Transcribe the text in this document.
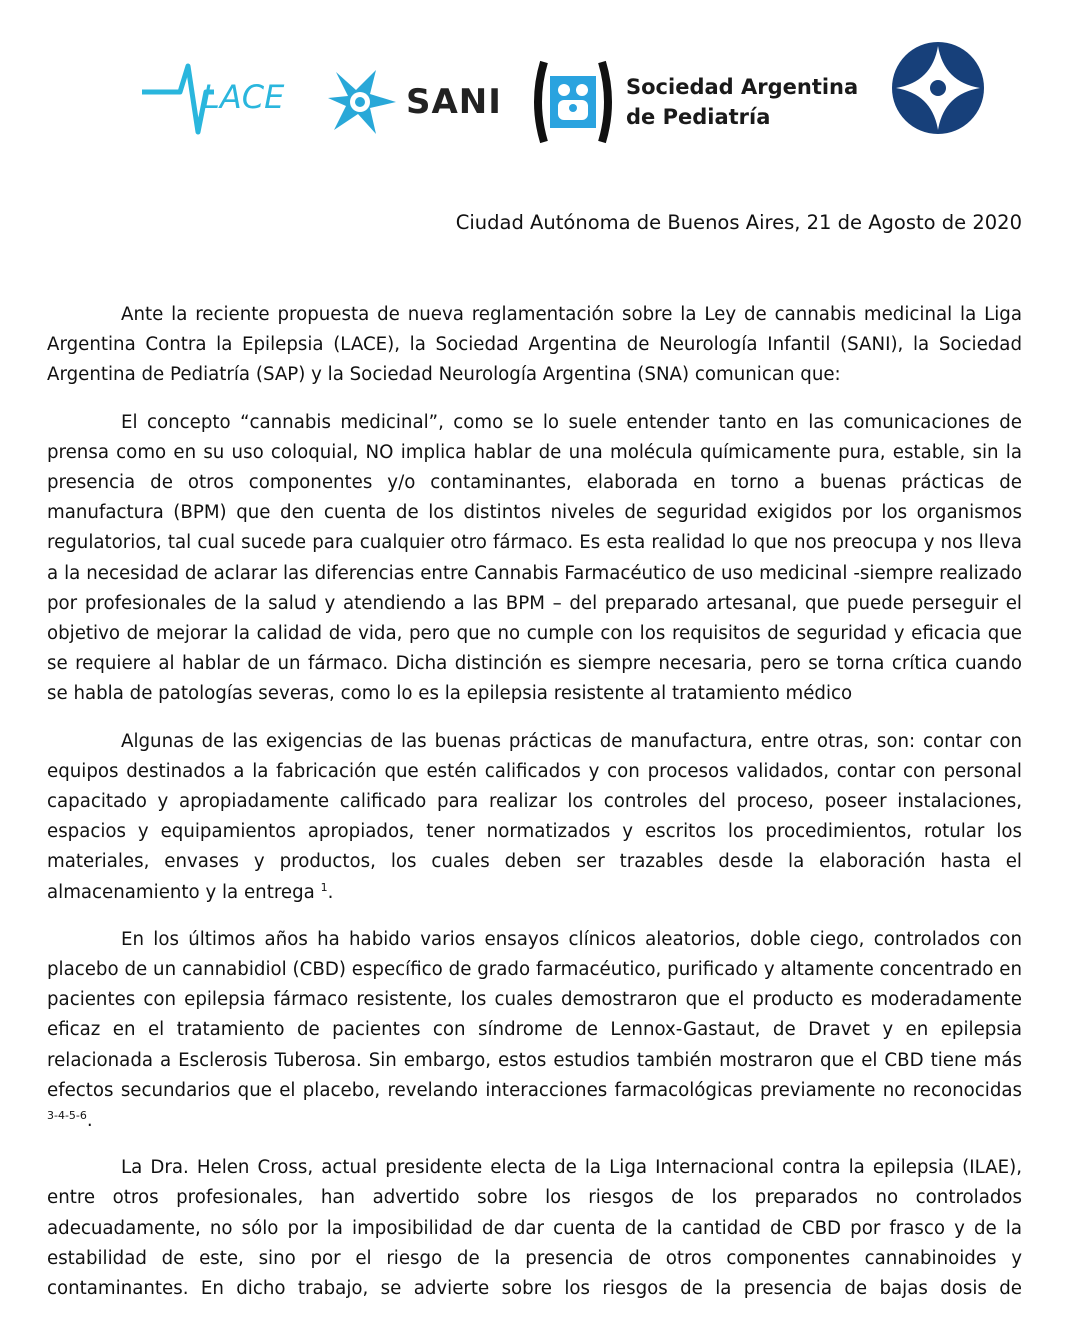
LACE	SANI	Sociedad Argentina
de Pediatría
Ciudad Autónoma de Buenos Aires, 21 de Agosto de 2020

Ante la reciente propuesta de nueva reglamentación sobre la Ley de cannabis medicinal la Liga Argentina Contra la Epilepsia (LACE), la Sociedad Argentina de Neurología Infantil (SANI), la Sociedad Argentina de Pediatría (SAP) y la Sociedad Neurología Argentina (SNA) comunican que:

El concepto “cannabis medicinal”, como se lo suele entender tanto en las comunicaciones de prensa como en su uso coloquial, NO implica hablar de una molécula químicamente pura, estable, sin la presencia de otros componentes y/o contaminantes, elaborada en torno a buenas prácticas de manufactura (BPM) que den cuenta de los distintos niveles de seguridad exigidos por los organismos regulatorios, tal cual sucede para cualquier otro fármaco. Es esta realidad lo que nos preocupa y nos lleva a la necesidad de aclarar las diferencias entre Cannabis Farmacéutico de uso medicinal -siempre realizado por profesionales de la salud y atendiendo a las BPM – del preparado artesanal, que puede perseguir el objetivo de mejorar la calidad de vida, pero que no cumple con los requisitos de seguridad y eficacia que se requiere al hablar de un fármaco. Dicha distinción es siempre necesaria, pero se torna crítica cuando se habla de patologías severas, como lo es la epilepsia resistente al tratamiento médico

Algunas de las exigencias de las buenas prácticas de manufactura, entre otras, son: contar con equipos destinados a la fabricación que estén calificados y con procesos validados, contar con personal capacitado y apropiadamente calificado para realizar los controles del proceso, poseer instalaciones, espacios y equipamientos apropiados, tener normatizados y escritos los procedimientos, rotular los materiales, envases y productos, los cuales deben ser trazables desde la elaboración hasta el almacenamiento y la entrega $^1$.

En los últimos años ha habido varios ensayos clínicos aleatorios, doble ciego, controlados con placebo de un cannabidiol (CBD) específico de grado farmacéutico, purificado y altamente concentrado en pacientes con epilepsia fármaco resistente, los cuales demostraron que el producto es moderadamente eficaz en el tratamiento de pacientes con síndrome de Lennox-Gastaut, de Dravet y en epilepsia relacionada a Esclerosis Tuberosa. Sin embargo, estos estudios también mostraron que el CBD tiene más efectos secundarios que el placebo, revelando interacciones farmacológicas previamente no reconocidas $^{3-4-5-6}$.

La Dra. Helen Cross, actual presidente electa de la Liga Internacional contra la epilepsia (ILAE), entre otros profesionales, han advertido sobre los riesgos de los preparados no controlados adecuadamente, no sólo por la imposibilidad de dar cuenta de la cantidad de CBD por frasco y de la estabilidad de este, sino por el riesgo de la presencia de otros componentes cannabinoides y contaminantes. En dicho trabajo, se advierte sobre los riesgos de la presencia de bajas dosis de
